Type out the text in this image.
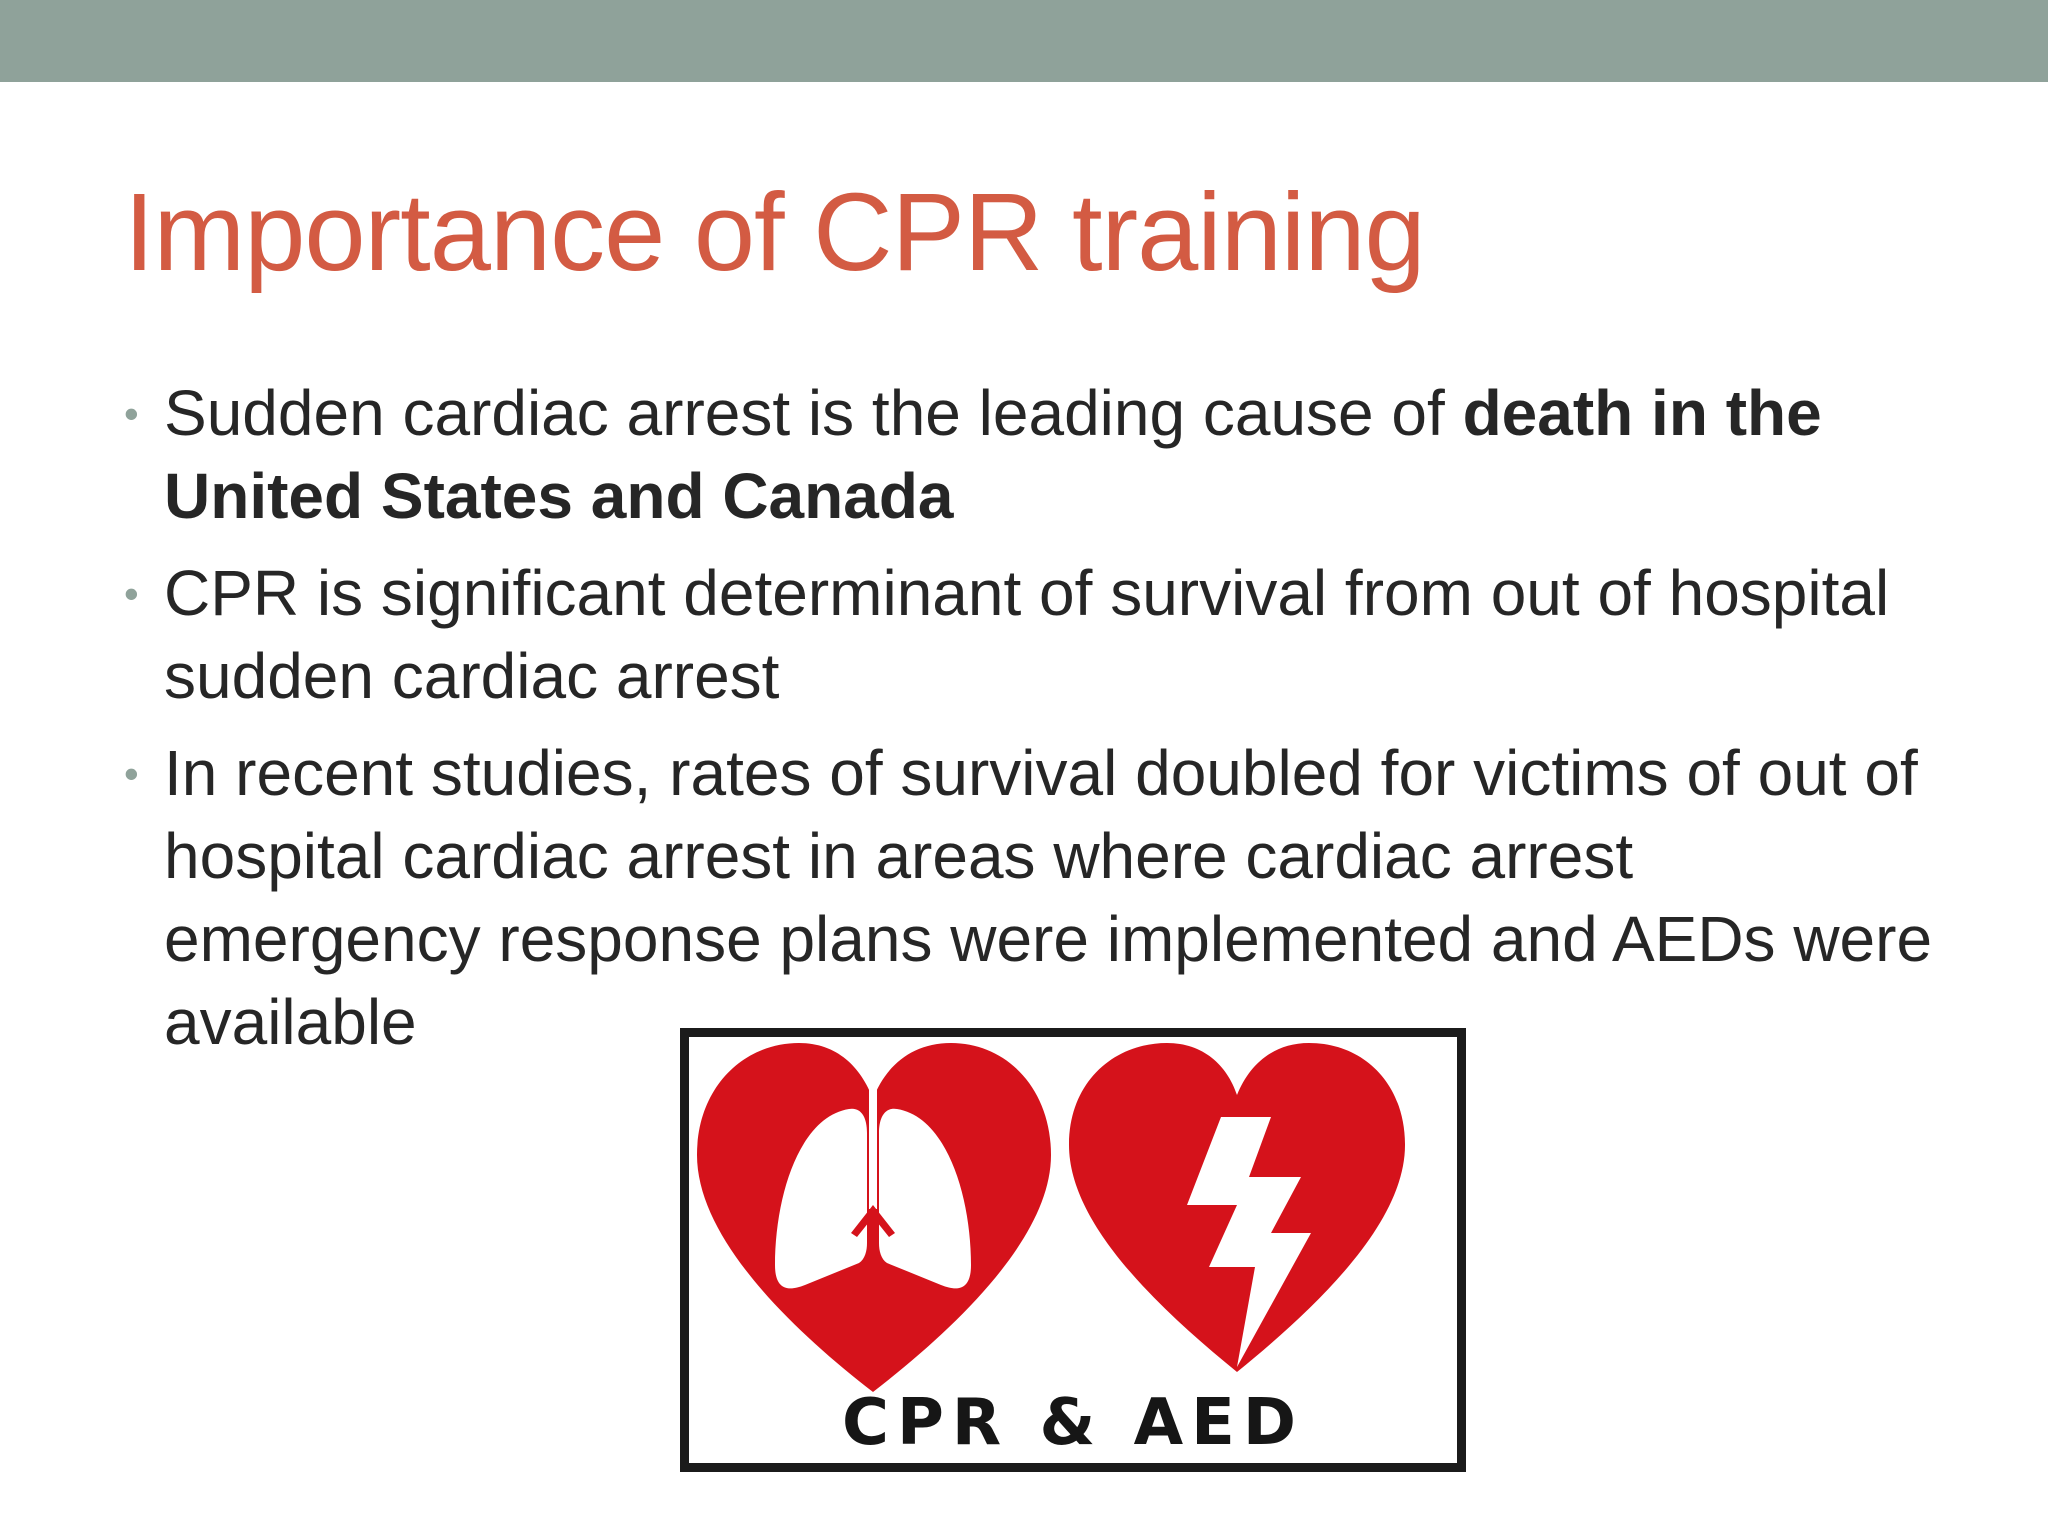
Importance of CPR training
• Sudden cardiac arrest is the leading cause of death in the United States and Canada
• CPR is significant determinant of survival from out of hospital sudden cardiac arrest
• In recent studies, rates of survival doubled for victims of out of hospital cardiac arrest in areas where cardiac arrest emergency response plans were implemented and AEDs were available
CPR & AED
